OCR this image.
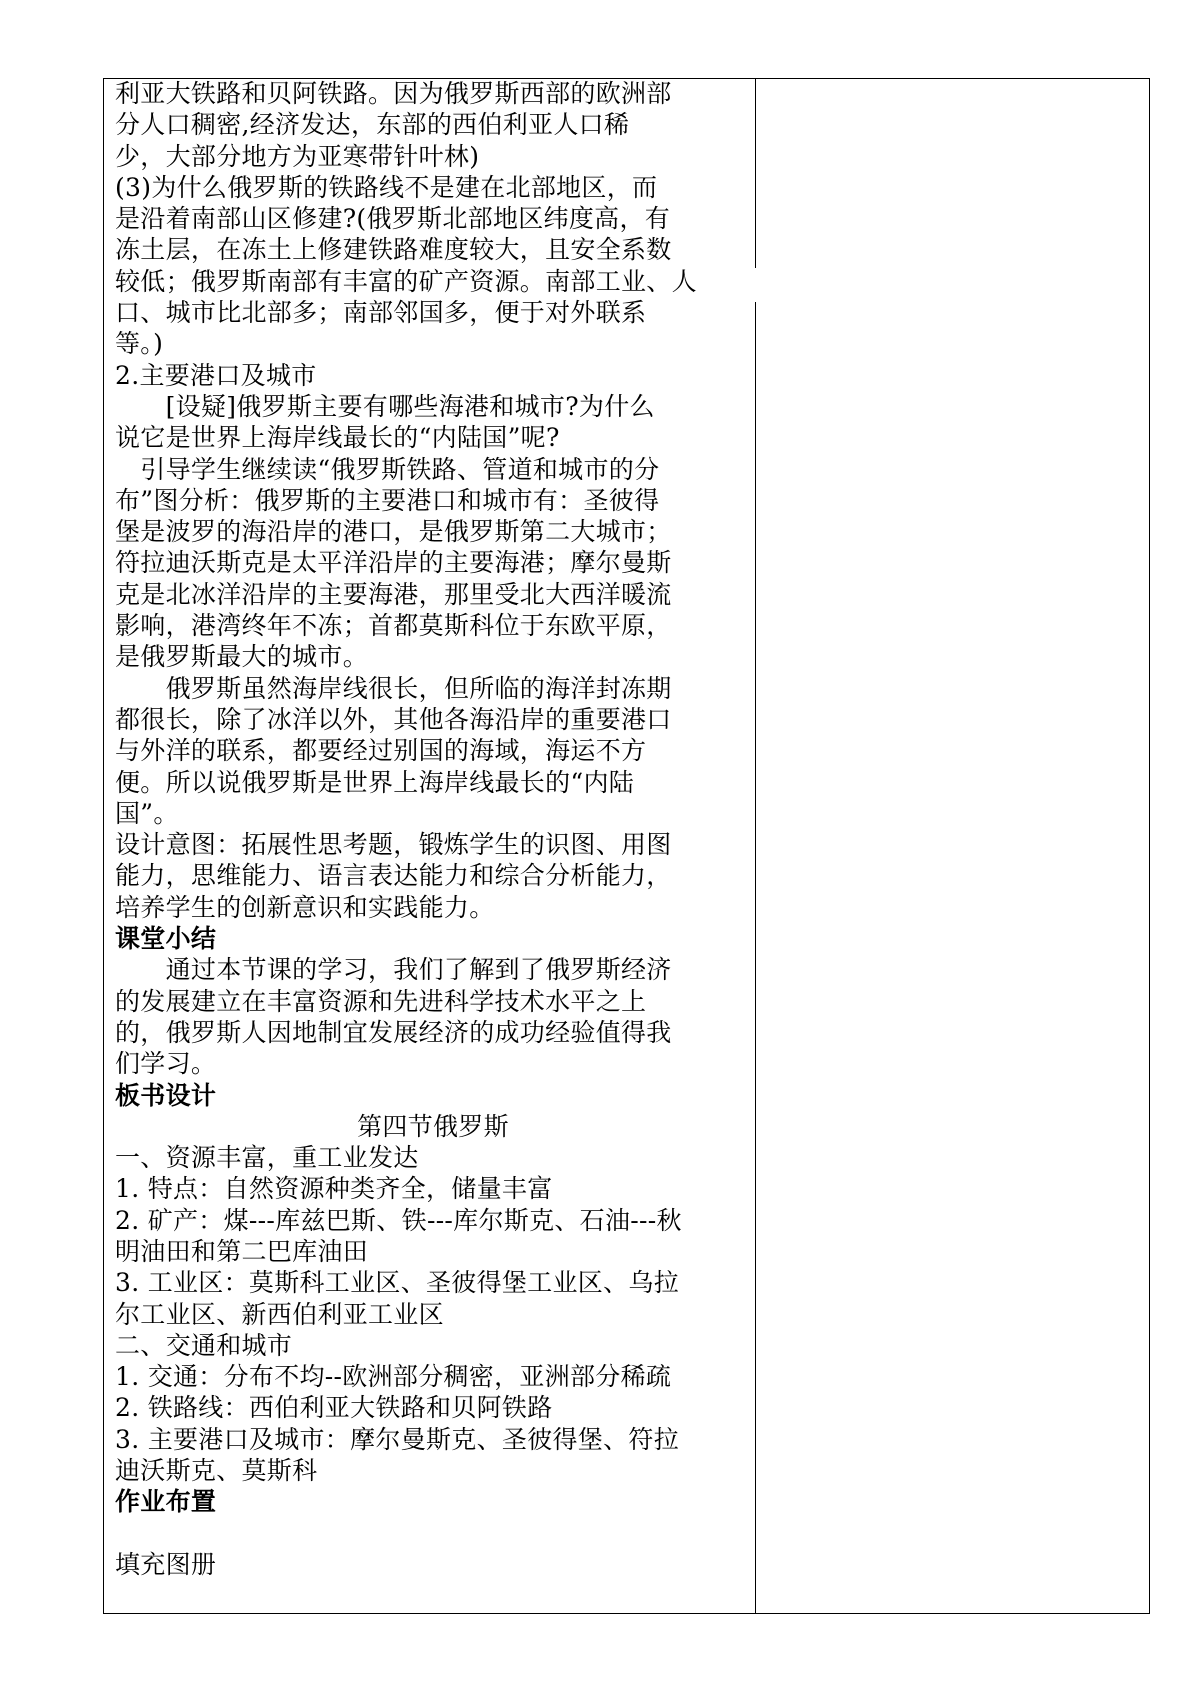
利亚大铁路和贝阿铁路。因为俄罗斯西部的欧洲部
分人口稠密,经济发达，东部的西伯利亚人口稀
少，大部分地方为亚寒带针叶林)
(3)为什么俄罗斯的铁路线不是建在北部地区，而
是沿着南部山区修建?(俄罗斯北部地区纬度高，有
冻土层，在冻土上修建铁路难度较大，且安全系数
较低；俄罗斯南部有丰富的矿产资源。南部工业、人
口、城市比北部多；南部邻国多，便于对外联系
等。)
2.主要港口及城市
　　[设疑]俄罗斯主要有哪些海港和城市?为什么
说它是世界上海岸线最长的“内陆国”呢?
　引导学生继续读“俄罗斯铁路、管道和城市的分
布”图分析：俄罗斯的主要港口和城市有：圣彼得
堡是波罗的海沿岸的港口，是俄罗斯第二大城市；
符拉迪沃斯克是太平洋沿岸的主要海港；摩尔曼斯
克是北冰洋沿岸的主要海港，那里受北大西洋暖流
影响，港湾终年不冻；首都莫斯科位于东欧平原，
是俄罗斯最大的城市。
　　俄罗斯虽然海岸线很长，但所临的海洋封冻期
都很长，除了冰洋以外，其他各海沿岸的重要港口
与外洋的联系，都要经过别国的海域，海运不方
便。所以说俄罗斯是世界上海岸线最长的“内陆
国”。
设计意图：拓展性思考题，锻炼学生的识图、用图
能力，思维能力、语言表达能力和综合分析能力，
培养学生的创新意识和实践能力。
课堂小结
　　通过本节课的学习，我们了解到了俄罗斯经济
的发展建立在丰富资源和先进科学技术水平之上
的，俄罗斯人因地制宜发展经济的成功经验值得我
们学习。
板书设计
第四节俄罗斯
一、资源丰富，重工业发达
1. 特点：自然资源种类齐全，储量丰富
2. 矿产：煤---库兹巴斯、铁---库尔斯克、石油---秋
明油田和第二巴库油田
3. 工业区：莫斯科工业区、圣彼得堡工业区、乌拉
尔工业区、新西伯利亚工业区
二、交通和城市
1. 交通：分布不均--欧洲部分稠密，亚洲部分稀疏
2. 铁路线：西伯利亚大铁路和贝阿铁路
3. 主要港口及城市：摩尔曼斯克、圣彼得堡、符拉
迪沃斯克、莫斯科
作业布置
填充图册
